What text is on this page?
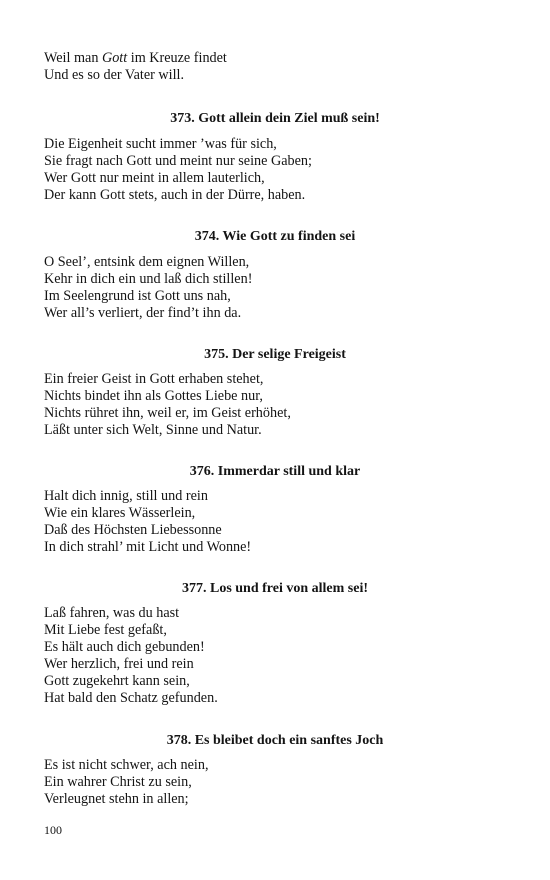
Weil man Gott im Kreuze findet
Und es so der Vater will.
373. Gott allein dein Ziel muß sein!
Die Eigenheit sucht immer ’was für sich,
Sie fragt nach Gott und meint nur seine Gaben;
Wer Gott nur meint in allem lauterlich,
Der kann Gott stets, auch in der Dürre, haben.
374. Wie Gott zu finden sei
O Seel’, entsink dem eignen Willen,
Kehr in dich ein und laß dich stillen!
Im Seelengrund ist Gott uns nah,
Wer all’s verliert, der find’t ihn da.
375. Der selige Freigeist
Ein freier Geist in Gott erhaben stehet,
Nichts bindet ihn als Gottes Liebe nur,
Nichts rühret ihn, weil er, im Geist erhöhet,
Läßt unter sich Welt, Sinne und Natur.
376. Immerdar still und klar
Halt dich innig, still und rein
Wie ein klares Wässerlein,
Daß des Höchsten Liebessonne
In dich strahl’ mit Licht und Wonne!
377. Los und frei von allem sei!
Laß fahren, was du hast
Mit Liebe fest gefaßt,
Es hält auch dich gebunden!
Wer herzlich, frei und rein
Gott zugekehrt kann sein,
Hat bald den Schatz gefunden.
378. Es bleibet doch ein sanftes Joch
Es ist nicht schwer, ach nein,
Ein wahrer Christ zu sein,
Verleugnet stehn in allen;
100
